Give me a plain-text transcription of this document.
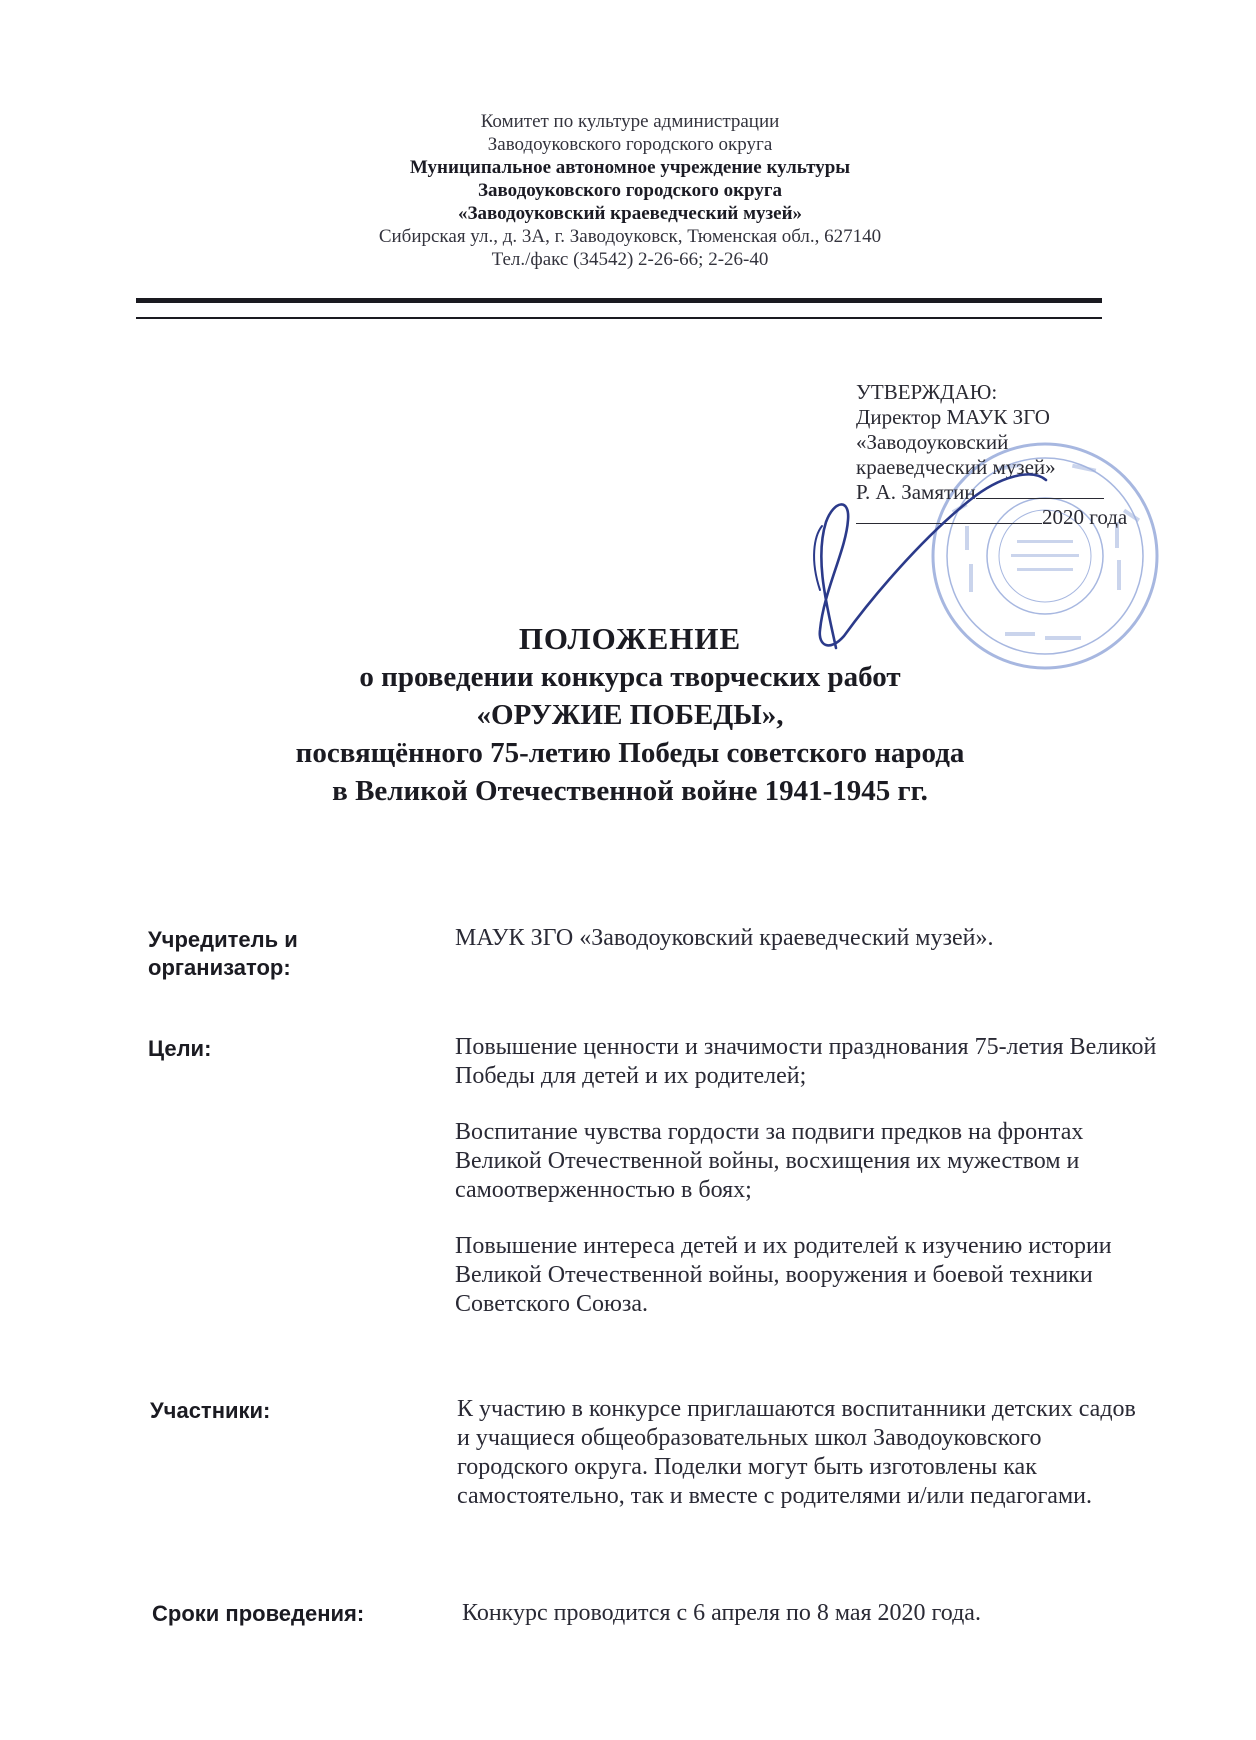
Комитет по культуре администрации
Заводоуковского городского округа
Муниципальное автономное учреждение культуры
Заводоуковского городского округа
«Заводоуковский краеведческий музей»
Сибирская ул., д. 3А, г. Заводоуковск, Тюменская обл., 627140
Тел./факс (34542) 2-26-66; 2-26-40
УТВЕРЖДАЮ:
Директор МАУК ЗГО
«Заводоуковский
краеведческий музей»
Р. А. Замятин
2020 года
ПОЛОЖЕНИЕ
о проведении конкурса творческих работ
«ОРУЖИЕ ПОБЕДЫ»,
посвящённого 75-летию Победы советского народа
в Великой Отечественной войне 1941-1945 гг.
Учредитель и организатор:
МАУК ЗГО «Заводоуковский краеведческий музей».
Цели:	Повышение ценности и значимости празднования 75-летия Великой Победы для детей и их родителей;

Воспитание чувства гордости за подвиги предков на фронтах Великой Отечественной войны, восхищения их мужеством и самоотверженностью в боях;

Повышение интереса детей и их родителей к изучению истории Великой Отечественной войны, вооружения и боевой техники Советского Союза.

Участники:	К участию в конкурсе приглашаются воспитанники детских садов и учащиеся общеобразовательных школ Заводоуковского городского округа. Поделки могут быть изготовлены как самостоятельно, так и вместе с родителями и/или педагогами.
Сроки проведения:	Конкурс проводится с 6 апреля по 8 мая 2020 года.
